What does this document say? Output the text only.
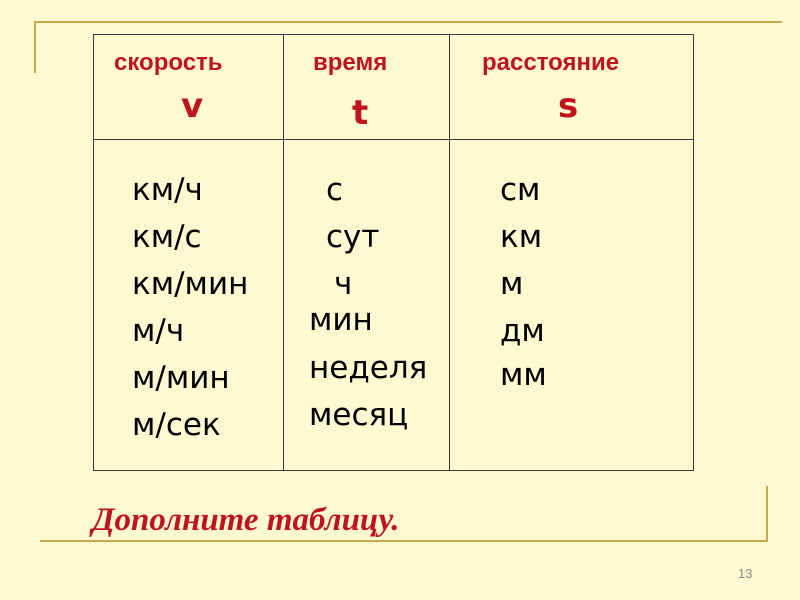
скорость
v
время
t
расстояние
s
км/ч
км/с
км/мин
м/ч
м/мин
м/сек
с
сут
ч
мин
неделя
месяц
см
км
м
дм
мм
Дополните таблицу.
13
